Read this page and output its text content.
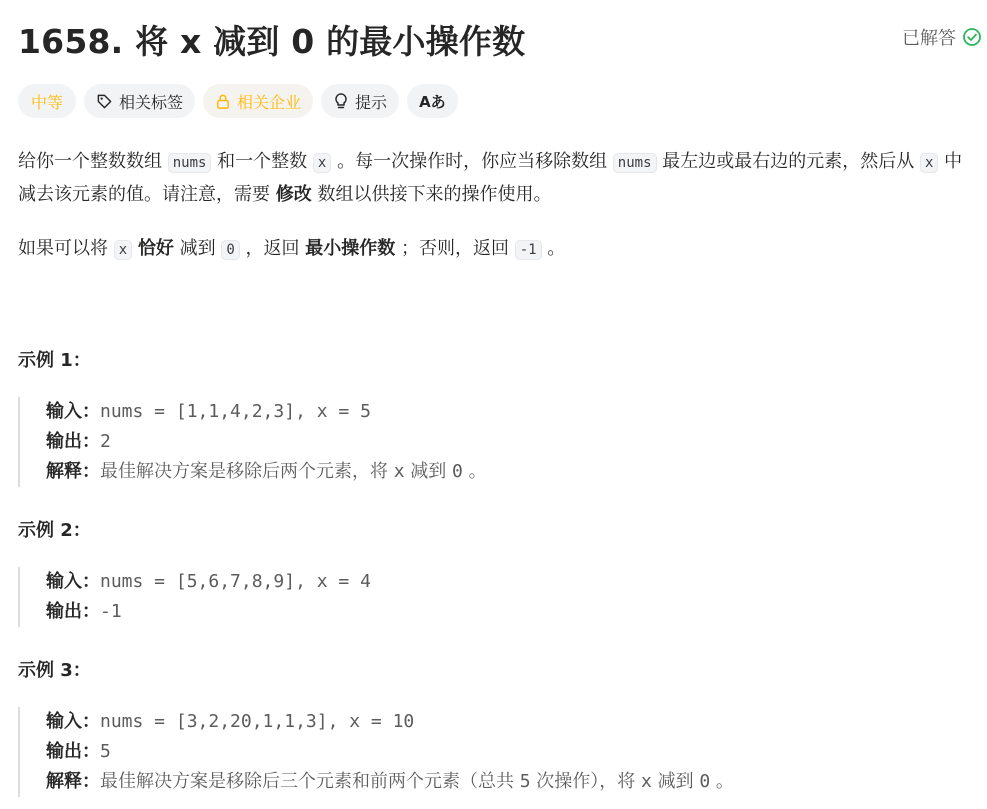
1658. 将 x 减到 0 的最小操作数	已解答
中等	相关标签	相关企业	提示 Aあ

给你一个整数数组 nums 和一个整数 x 。每一次操作时，你应当移除数组 nums 最左边或最右边的元素，然后从 x 中减去该元素的值。请注意，需要 修改 数组以供接下来的操作使用。

如果可以将 x 恰好 减到 0 ，返回 最小操作数 ；否则，返回 -1 。

示例 1：
输入：nums = [1,1,4,2,3], x = 5
输出：2
解释：最佳解决方案是移除后两个元素，将 x 减到 0 。
示例 2：
输入：nums = [5,6,7,8,9], x = 4
输出：-1
示例 3：
输入：nums = [3,2,20,1,1,3], x = 10
输出：5
解释：最佳解决方案是移除后三个元素和前两个元素（总共 5 次操作），将 x 减到 0 。
